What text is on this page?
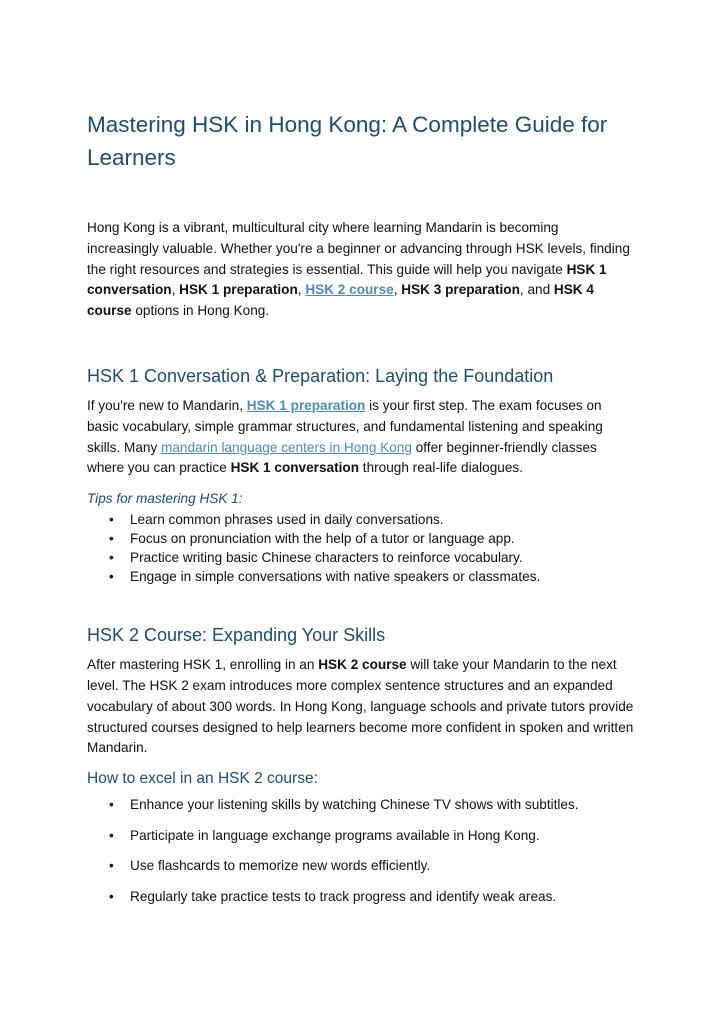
Mastering HSK in Hong Kong: A Complete Guide for Learners

Hong Kong is a vibrant, multicultural city where learning Mandarin is becoming increasingly valuable. Whether you're a beginner or advancing through HSK levels, finding the right resources and strategies is essential. This guide will help you navigate HSK 1 conversation, HSK 1 preparation, HSK 2 course, HSK 3 preparation, and HSK 4 course options in Hong Kong.

HSK 1 Conversation & Preparation: Laying the Foundation

If you're new to Mandarin, HSK 1 preparation is your first step. The exam focuses on basic vocabulary, simple grammar structures, and fundamental listening and speaking skills. Many mandarin language centers in Hong Kong offer beginner-friendly classes where you can practice HSK 1 conversation through real-life dialogues.

Tips for mastering HSK 1:
• Learn common phrases used in daily conversations.
• Focus on pronunciation with the help of a tutor or language app.
• Practice writing basic Chinese characters to reinforce vocabulary.
• Engage in simple conversations with native speakers or classmates.
HSK 2 Course: Expanding Your Skills

After mastering HSK 1, enrolling in an HSK 2 course will take your Mandarin to the next level. The HSK 2 exam introduces more complex sentence structures and an expanded vocabulary of about 300 words. In Hong Kong, language schools and private tutors provide structured courses designed to help learners become more confident in spoken and written Mandarin.

How to excel in an HSK 2 course:
• Enhance your listening skills by watching Chinese TV shows with subtitles.
• Participate in language exchange programs available in Hong Kong.
• Use flashcards to memorize new words efficiently.
• Regularly take practice tests to track progress and identify weak areas.
